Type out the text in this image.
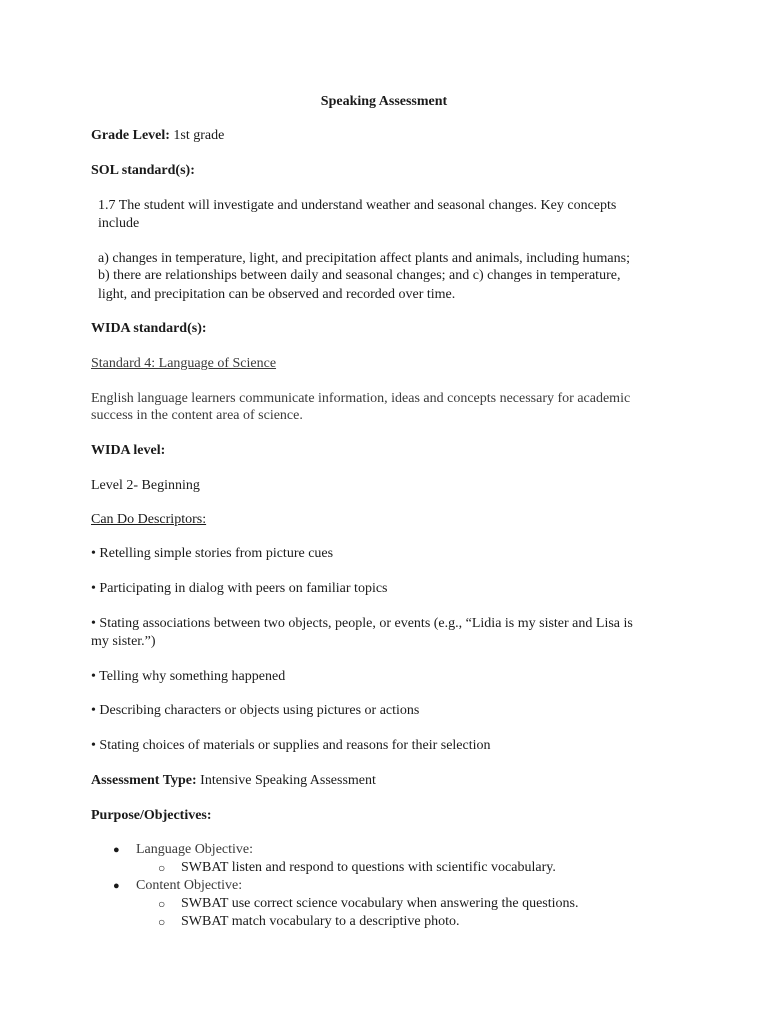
Speaking Assessment
Grade Level: 1st grade
SOL standard(s):
1.7 The student will investigate and understand weather and seasonal changes. Key concepts
include
a) changes in temperature, light, and precipitation affect plants and animals, including humans;
b) there are relationships between daily and seasonal changes; and c) changes in temperature,
light, and precipitation can be observed and recorded over time.
WIDA standard(s):
Standard 4: Language of Science
English language learners communicate information, ideas and concepts necessary for academic
success in the content area of science.
WIDA level:
Level 2- Beginning
Can Do Descriptors:
• Retelling simple stories from picture cues
• Participating in dialog with peers on familiar topics
• Stating associations between two objects, people, or events (e.g., “Lidia is my sister and Lisa is
my sister.”)
• Telling why something happened
• Describing characters or objects using pictures or actions
• Stating choices of materials or supplies and reasons for their selection
Assessment Type: Intensive Speaking Assessment
Purpose/Objectives:
● Language Objective:
○ SWBAT listen and respond to questions with scientific vocabulary.
● Content Objective:
○ SWBAT use correct science vocabulary when answering the questions.
○ SWBAT match vocabulary to a descriptive photo.
